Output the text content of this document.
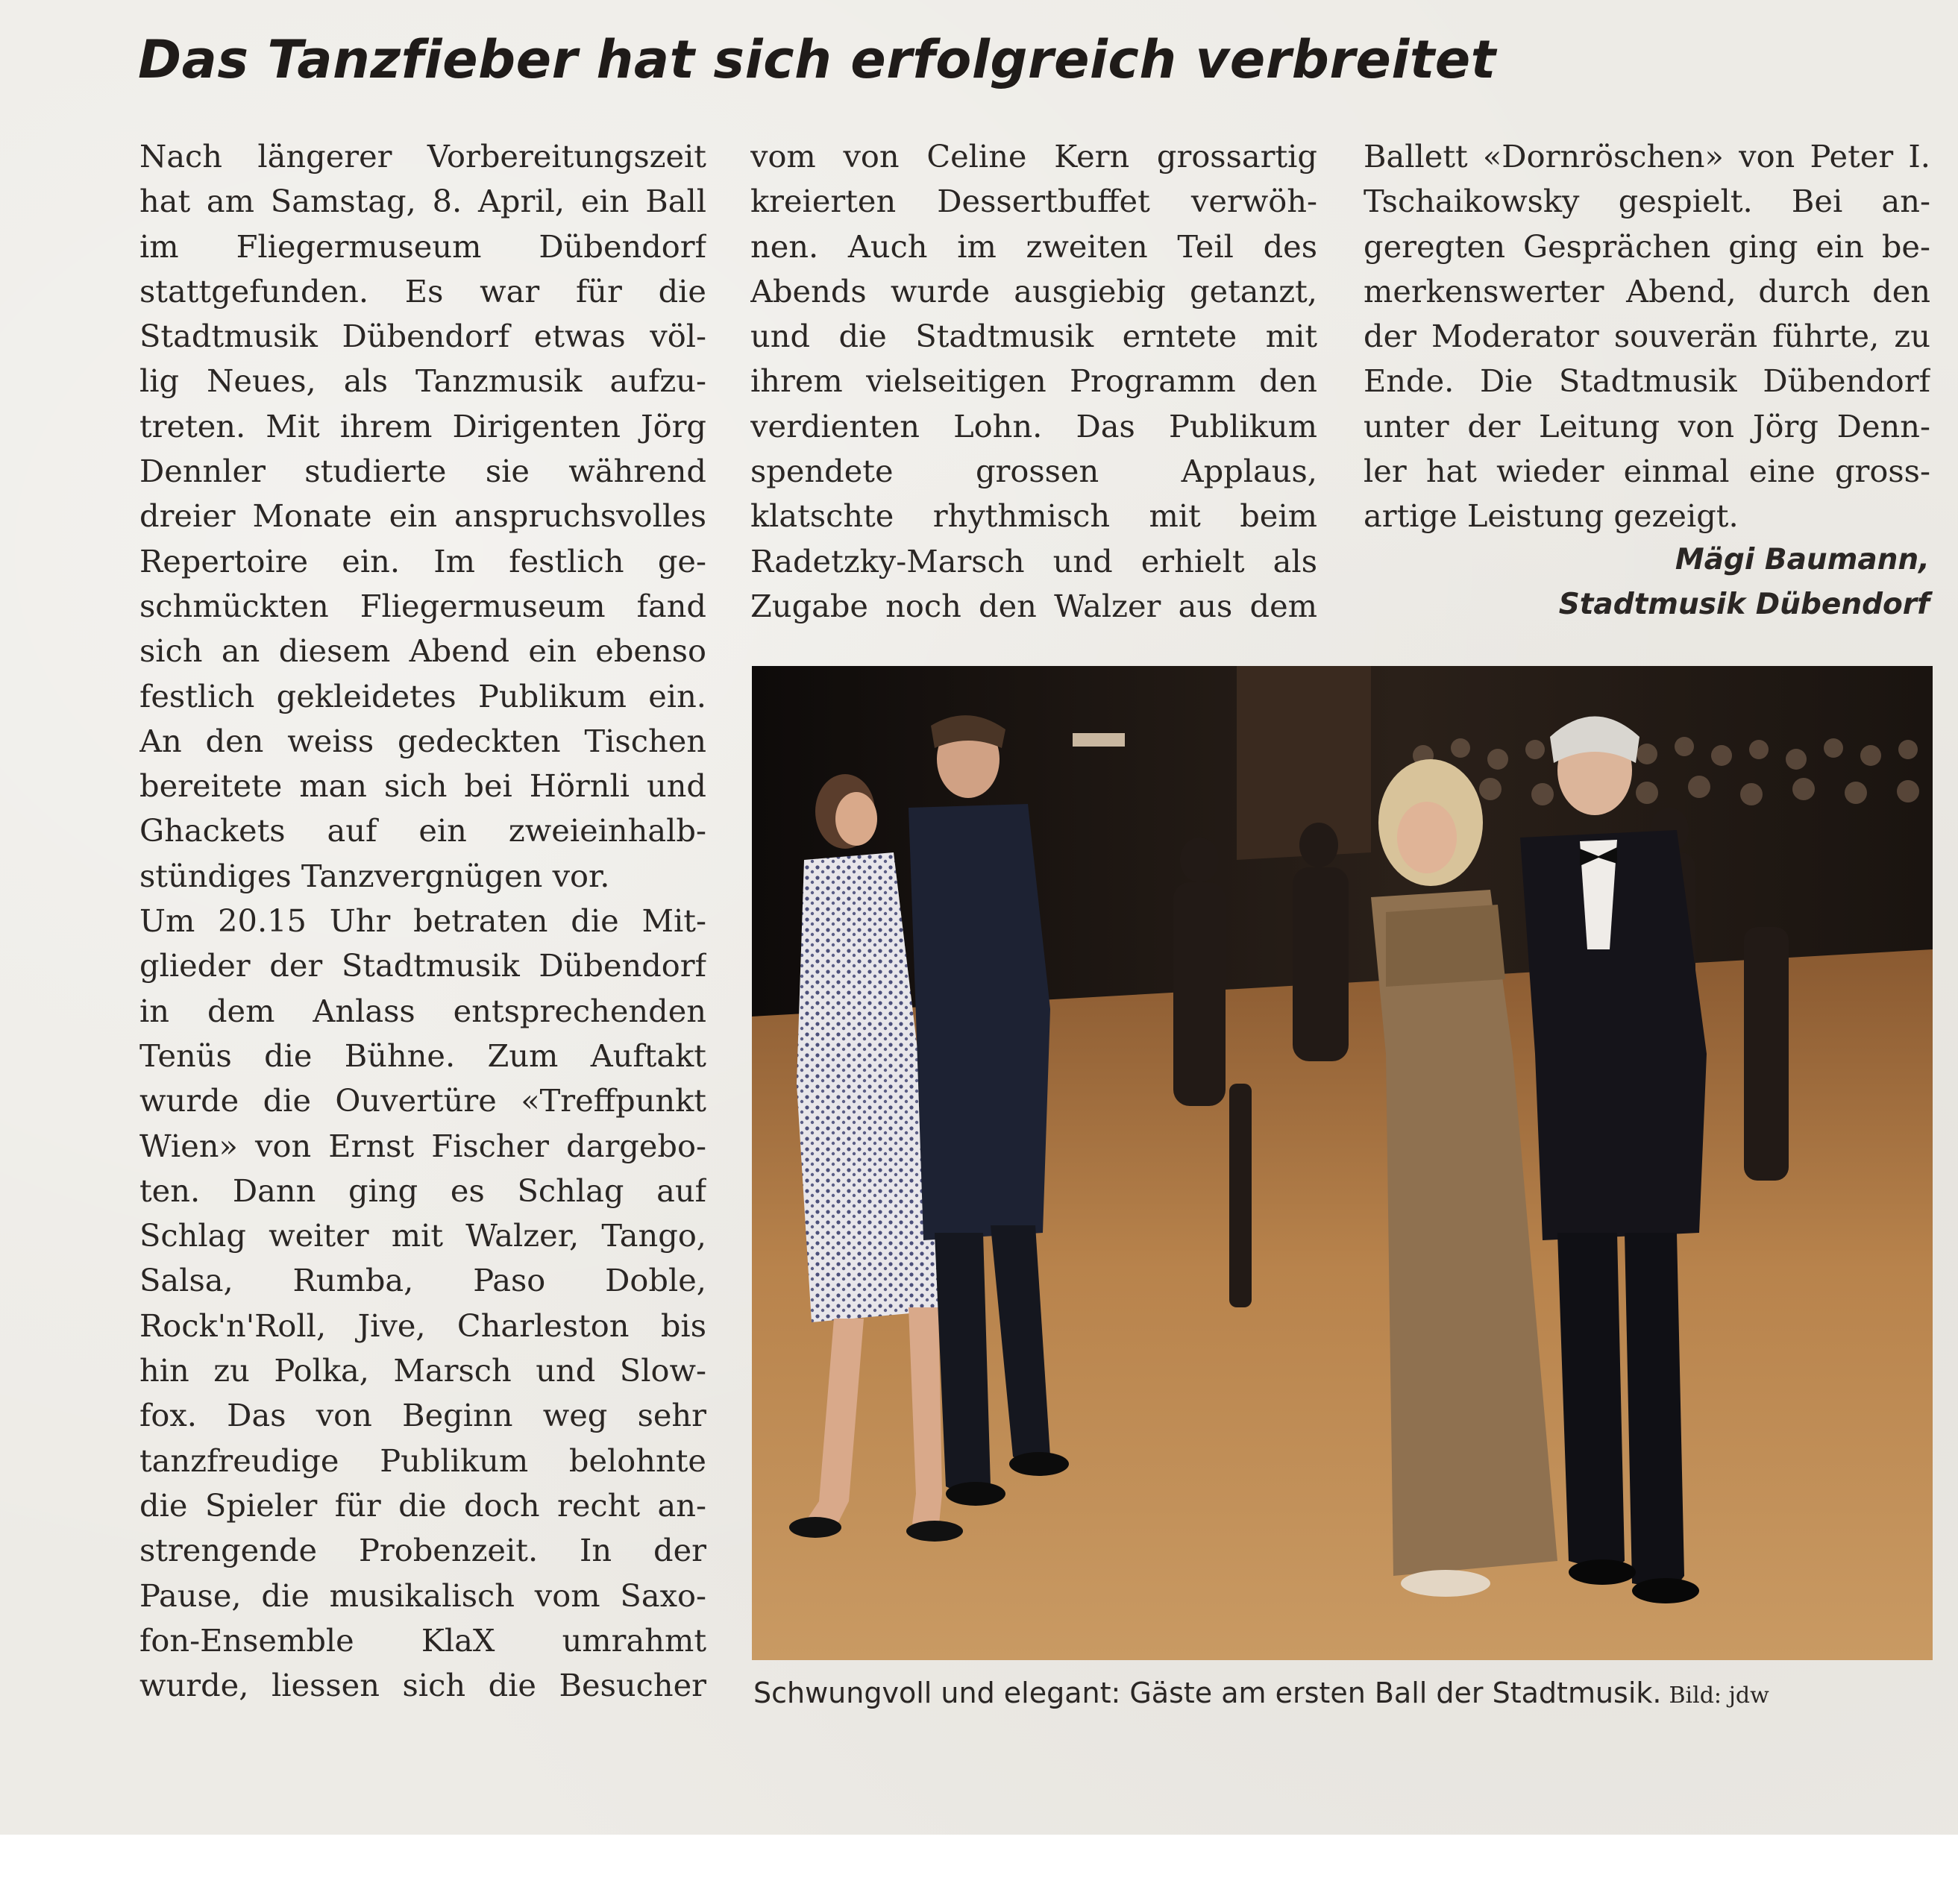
Das Tanzfieber hat sich erfolgreich verbreitet
Nach längerer Vorbereitungszeit
hat am Samstag, 8. April, ein Ball
im Fliegermuseum Dübendorf
stattgefunden. Es war für die
Stadtmusik Dübendorf etwas völ-
lig Neues, als Tanzmusik aufzu-
treten. Mit ihrem Dirigenten Jörg
Dennler studierte sie während
dreier Monate ein anspruchsvolles
Repertoire ein. Im festlich ge-
schmückten Fliegermuseum fand
sich an diesem Abend ein ebenso
festlich gekleidetes Publikum ein.
An den weiss gedeckten Tischen
bereitete man sich bei Hörnli und
Ghackets auf ein zweieinhalb-
stündiges Tanzvergnügen vor.
Um 20.15 Uhr betraten die Mit-
glieder der Stadtmusik Dübendorf
in dem Anlass entsprechenden
Tenüs die Bühne. Zum Auftakt
wurde die Ouvertüre «Treffpunkt
Wien» von Ernst Fischer dargebo-
ten. Dann ging es Schlag auf
Schlag weiter mit Walzer, Tango,
Salsa, Rumba, Paso Doble,
Rock'n'Roll, Jive, Charleston bis
hin zu Polka, Marsch und Slow-
fox. Das von Beginn weg sehr
tanzfreudige Publikum belohnte
die Spieler für die doch recht an-
strengende Probenzeit. In der
Pause, die musikalisch vom Saxo-
fon-Ensemble KlaX umrahmt
wurde, liessen sich die Besucher
vom von Celine Kern grossartig
kreierten Dessertbuffet verwöh-
nen. Auch im zweiten Teil des
Abends wurde ausgiebig getanzt,
und die Stadtmusik erntete mit
ihrem vielseitigen Programm den
verdienten Lohn. Das Publikum
spendete grossen Applaus,
klatschte rhythmisch mit beim
Radetzky-Marsch und erhielt als
Zugabe noch den Walzer aus dem
Ballett «Dornröschen» von Peter I.
Tschaikowsky gespielt. Bei an-
geregten Gesprächen ging ein be-
merkenswerter Abend, durch den
der Moderator souverän führte, zu
Ende. Die Stadtmusik Dübendorf
unter der Leitung von Jörg Denn-
ler hat wieder einmal eine gross-
artige Leistung gezeigt.
Mägi Baumann,
Stadtmusik Dübendorf
Schwungvoll und elegant: Gäste am ersten Ball der Stadtmusik. Bild: jdw
